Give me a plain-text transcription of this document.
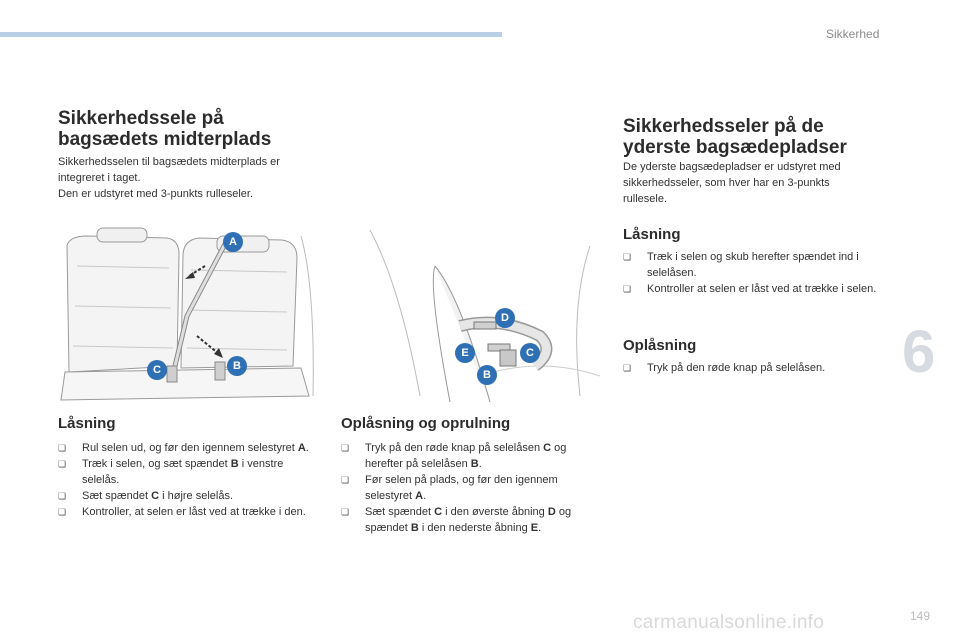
Sikkerhed
6
Sikkerhedssele på
bagsædets midterplads

Sikkerhedsselen til bagsædets midterplads er

integreret i taget.

Den er udstyret med 3-punkts rulleseler.

A
B
C
Låsning
❏ Rul selen ud, og før den igennem selestyret A.
❏ Træk i selen, og sæt spændet B i venstre selelås.
❏ Sæt spændet C i højre selelås.
❏ Kontroller, at selen er låst ved at trække i den.
D
E	C
B
Oplåsning og oprulning
❏ Tryk på den røde knap på selelåsen C og herefter på selelåsen B.
❏ Før selen på plads, og før den igennem selestyret A.
❏ Sæt spændet C i den øverste åbning D og spændet B i den nederste åbning E.
Sikkerhedsseler på de
yderste bagsædepladser

De yderste bagsædepladser er udstyret med

sikkerhedsseler, som hver har en 3-punkts

rullesele.

Låsning
❏ Træk i selen og skub herefter spændet ind i selelåsen.
❏ Kontroller at selen er låst ved at trække i selen.
Oplåsning
❏ Tryk på den røde knap på selelåsen.
carmanualsonline.info	149
